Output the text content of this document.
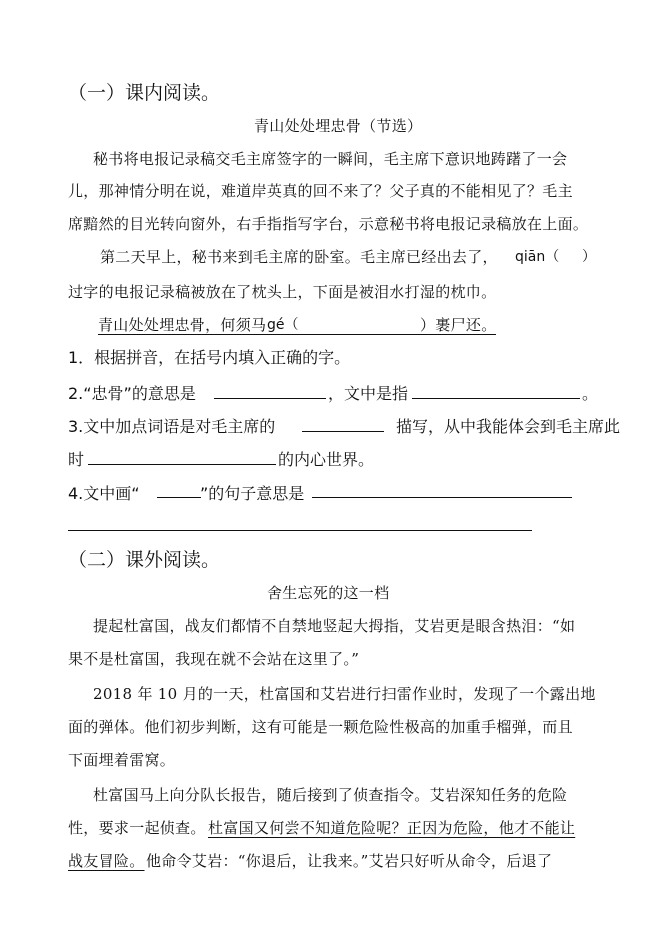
（一）课内阅读。
青山处处埋忠骨（节选）
秘书将电报记录稿交毛主席签字的一瞬间，毛主席下意识地踌躇了一会
儿，那神情分明在说，难道岸英真的回不来了？父子真的不能相见了？毛主
席黯然的目光转向窗外，右手指指写字台，示意秘书将电报记录稿放在上面。
第二天早上，秘书来到毛主席的卧室。毛主席已经出去了， qiān（ ）
过字的电报记录稿被放在了枕头上，下面是被泪水打湿的枕巾。
青山处处埋忠骨，何须马 gé（	）裹尸还。
1．根据拼音，在括号内填入正确的字。
2.“忠骨”的意思是	，文中是指	。
3.文中加点词语是对毛主席的	描写，从中我能体会到毛主席此
时	的内心世界。
4.文中画“	”的句子意思是
（二）课外阅读。
舍生忘死的这一档
提起杜富国，战友们都情不自禁地竖起大拇指，艾岩更是眼含热泪：“如
果不是杜富国，我现在就不会站在这里了。”
2018 年 10 月的一天，杜富国和艾岩进行扫雷作业时，发现了一个露出地
面的弹体。他们初步判断，这有可能是一颗危险性极高的加重手榴弹，而且
下面埋着雷窝。
杜富国马上向分队长报告，随后接到了侦查指令。艾岩深知任务的危险
性，要求一起侦查。 杜富国又何尝不知道危险呢？正因为危险，他才不能让
战友冒险。 他命令艾岩：“你退后，让我来。”艾岩只好听从命令，后退了
